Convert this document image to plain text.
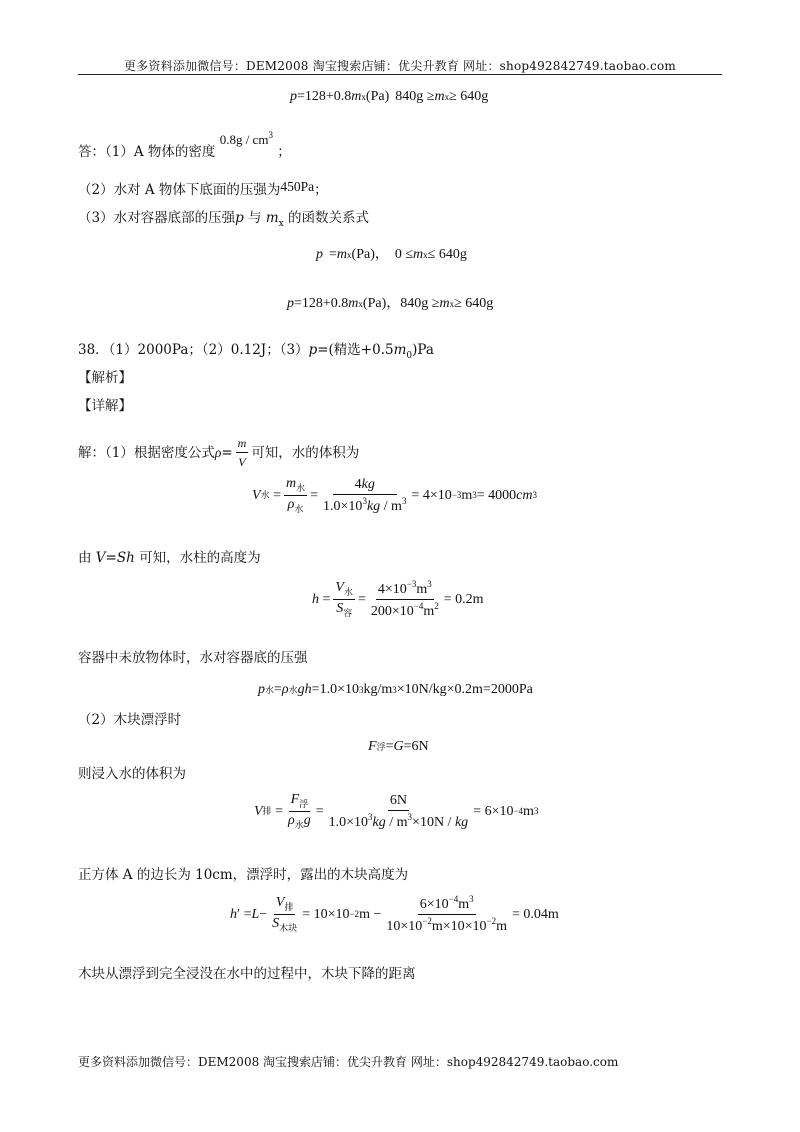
更多资料添加微信号：DEM2008 淘宝搜索店铺：优尖升教育 网址：shop492842749.taobao.com
p =128+0.8 m x (Pa) 840g ≥ m x ≥ 640g
答：（1）A 物体的密度 $0.8g / cm^3$ ；
（2）水对 A 物体下底面的压强为450Pa；
（3）水对容器底部的压强p 与 $m_x$ 的函数关系式
p = m x (Pa)， 0 ≤ m x ≤ 640g
p =128+0.8 m x (Pa)，840g ≥ m x ≥ 640g
38．（1）2000Pa；（2）0.12J；（3）p=(精选$+0.5m_0)Pa$
【解析】
【详解】
解：（1）根据密度公式 ρ =
m
V
可知，水的体积为
V 水 =
$m_水$
$\rho_水$
=
4kg
$1.0\times 10^3kg / m^3 = 4\times 10 -3$ m 3 = 4000 cm 3
由 V=Sh 可知，水柱的高度为
h =
$V_水$
$S_容$
=
$4\times 10^{-3}m^3$
$200\times 10^{-4}m^2 = 0.2m$
容器中未放物体时，水对容器底的压强
p 水 = ρ 水 gh =1.0×10 3 kg/m 3 ×10N/kg×0.2m=2000Pa
（2）木块漂浮时
F 浮 = G =6N
则浸入水的体积为
V 排 =
$F_浮$
$\rho_水g$
=
6N
$1.0\times 10^3kg / m^3\times 10N$ / kg
= 6×10 −4 m 3
正方体 A 的边长为 10cm，漂浮时，露出的木块高度为
h ′ = L −
$V_排$
$S_{木块}$
= 10×10 −2 m −
$6\times 10^{-4}m^3$
$10\times 10^{-2}m\times 10\times 10^{-2}m$
= 0.04m
木块从漂浮到完全浸没在水中的过程中，木块下降的距离
更多资料添加微信号：DEM2008 淘宝搜索店铺：优尖升教育 网址：shop492842749.taobao.com
